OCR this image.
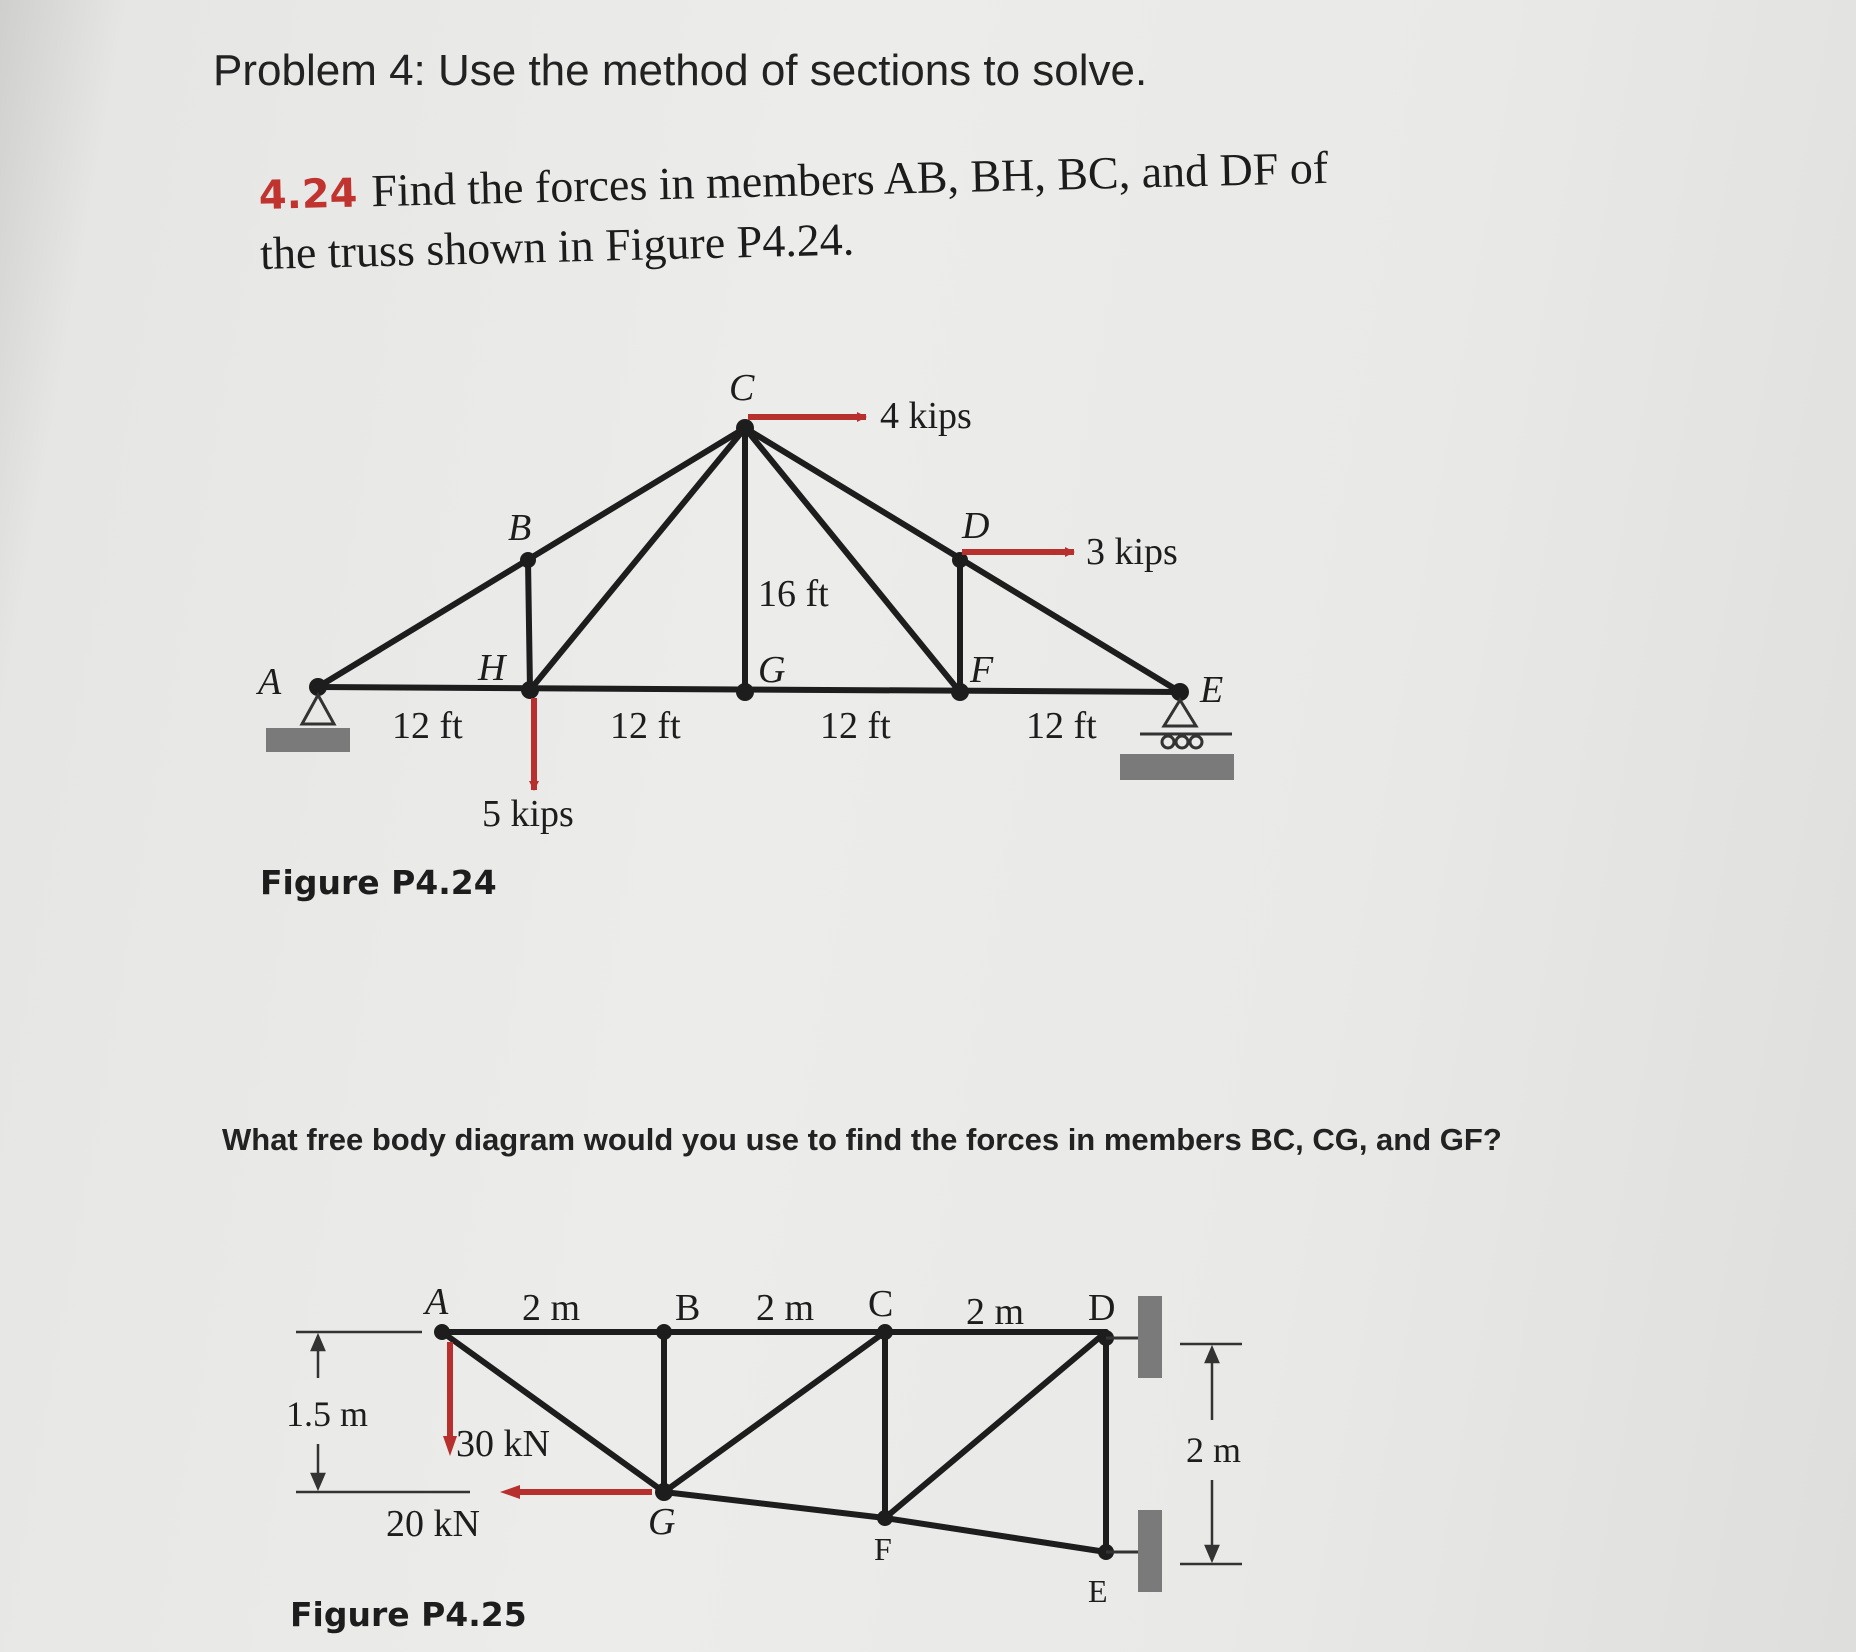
Problem 4: Use the method of sections to solve.
4.24 Find the forces in members AB, BH, BC, and DF of
the truss shown in Figure P4.24.
A
B
C
D
E
F
G
H
12 ft	12 ft	12 ft	12 ft
16 ft
4 kips
3 kips
5 kips
Figure P4.24
A	B	C	D
E
F
G
2 m	2 m	2 m
1.5 m
2 m
30 kN
20 kN
Figure P4.25
What free body diagram would you use to find the forces in members BC, CG, and GF?
